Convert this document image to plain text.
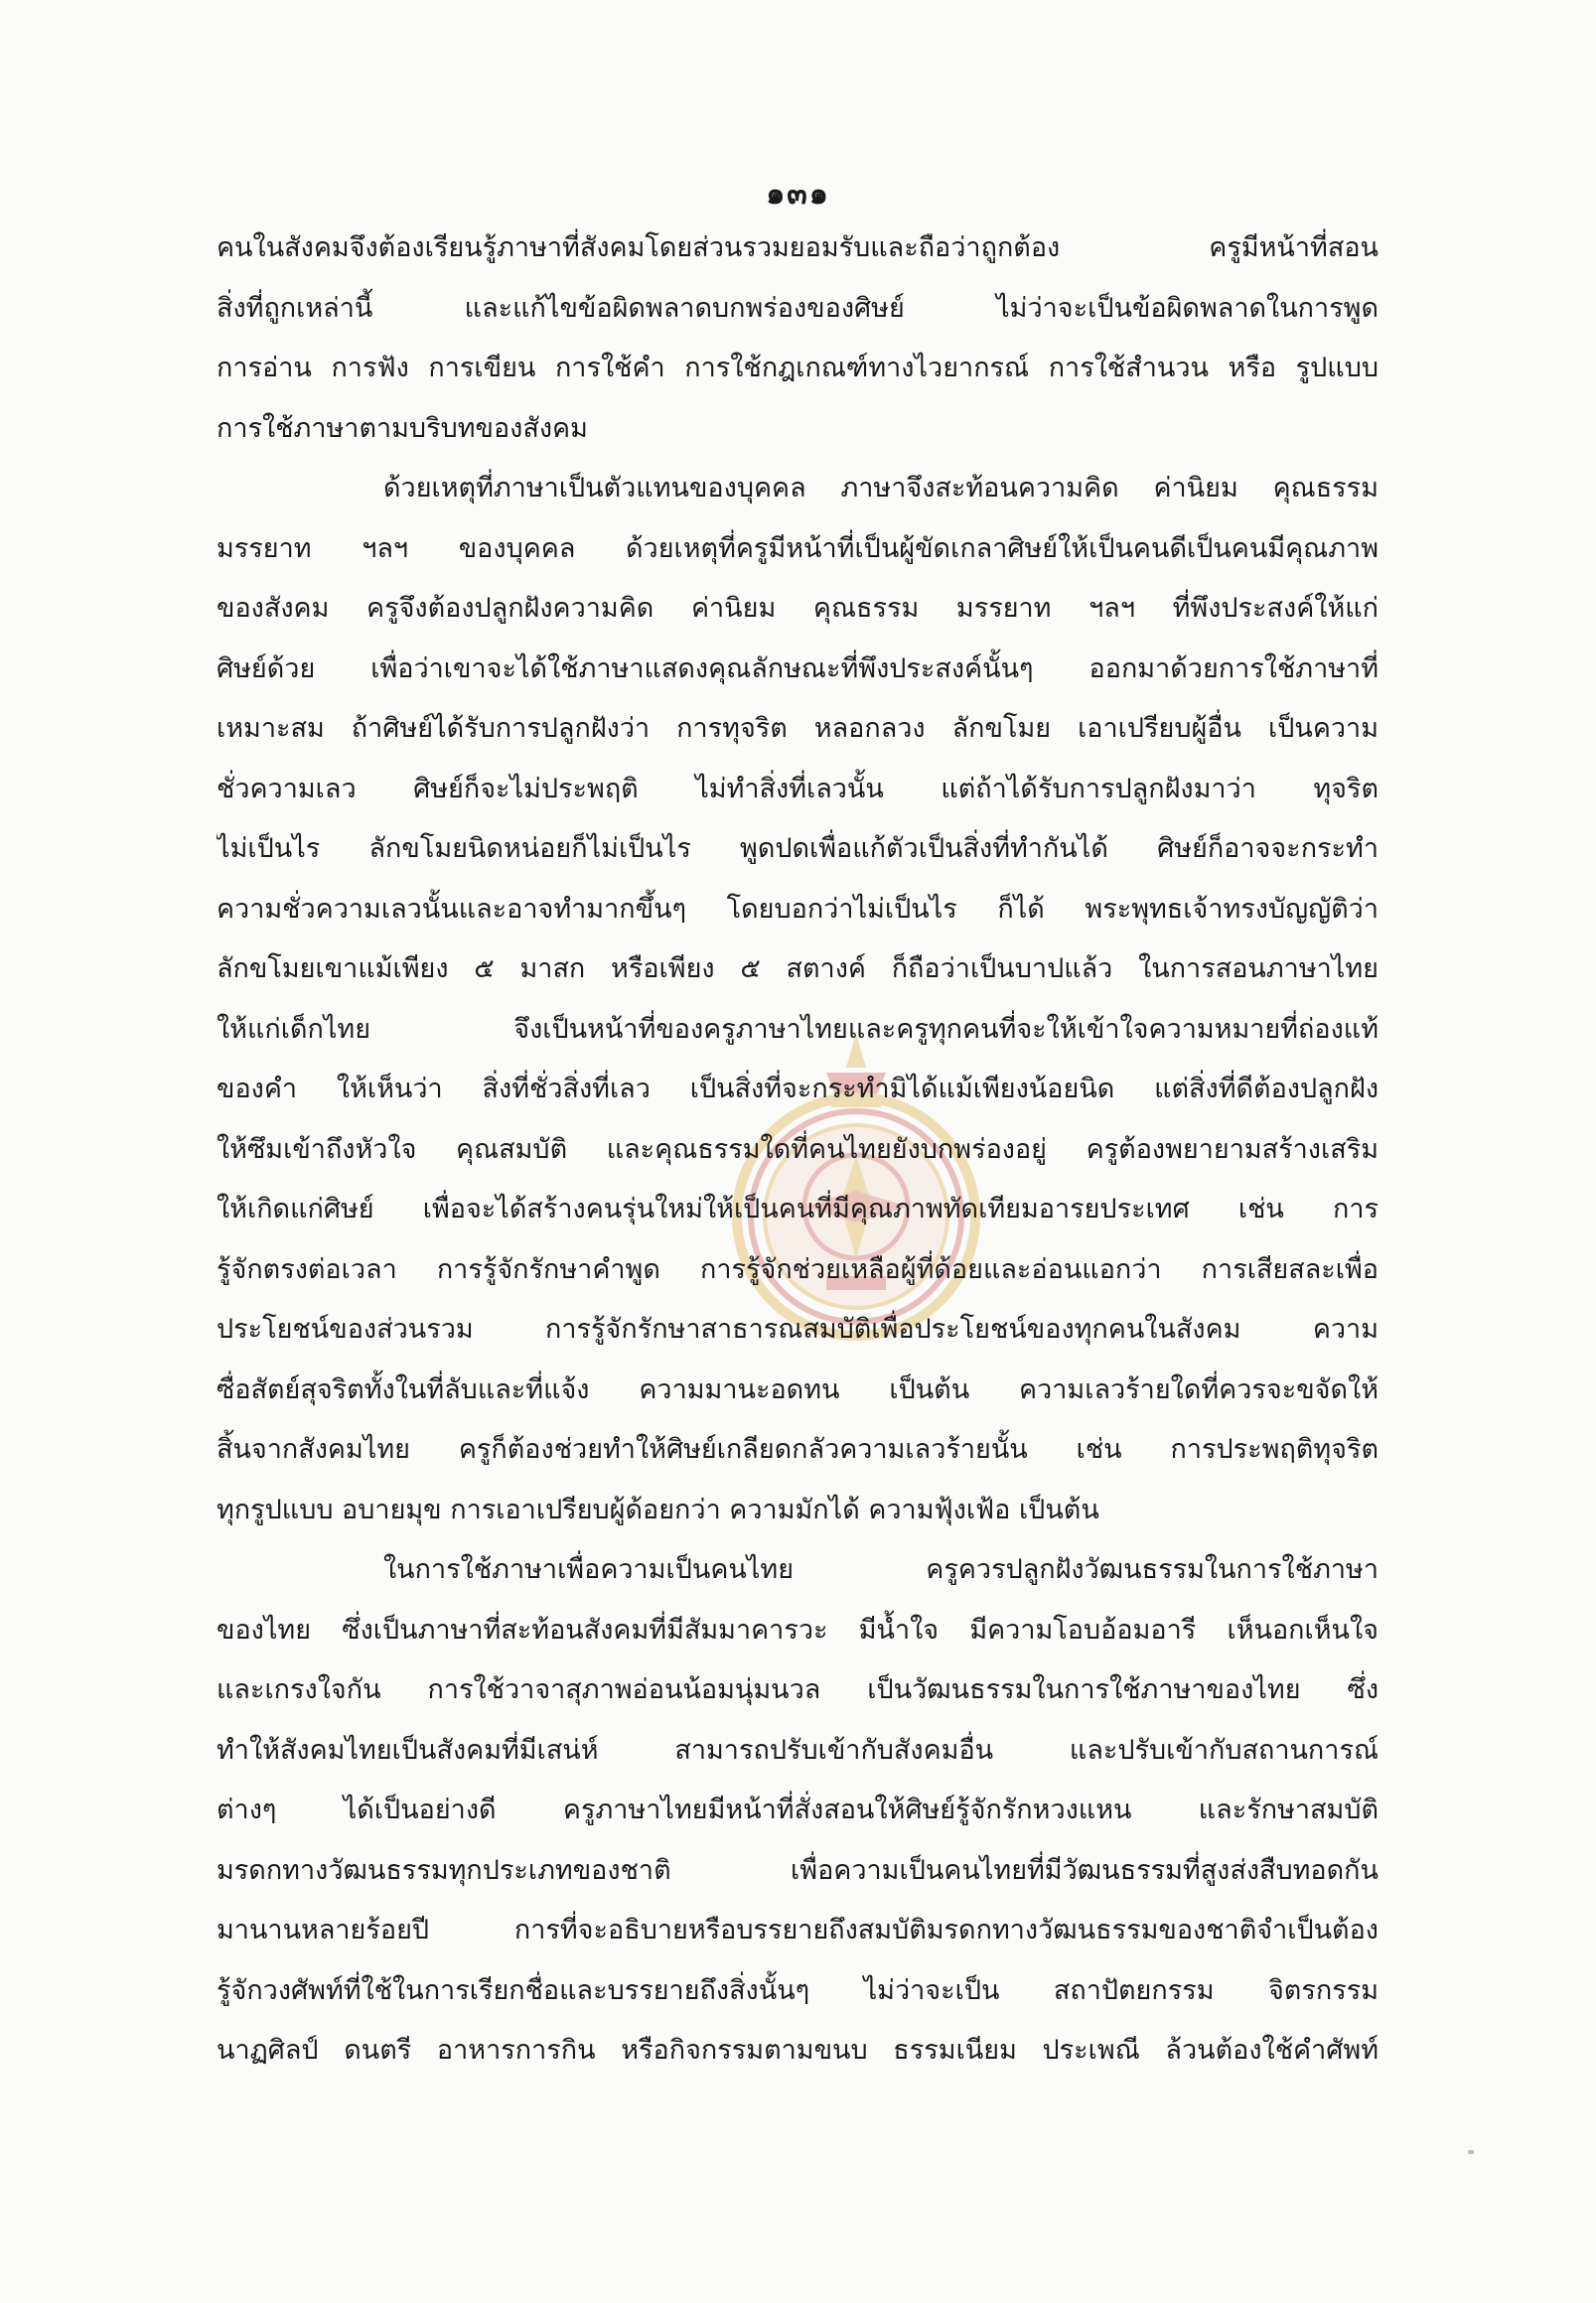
๑๓๑
คนในสังคมจึงต้องเรียนรู้ภาษาที่สังคมโดยส่วนรวมยอมรับและถือว่าถูกต้อง ครูมีหน้าที่สอน
สิ่งที่ถูกเหล่านี้ และแก้ไขข้อผิดพลาดบกพร่องของศิษย์ ไม่ว่าจะเป็นข้อผิดพลาดในการพูด
การอ่าน การฟัง การเขียน การใช้คำ การใช้กฎเกณฑ์ทางไวยากรณ์ การใช้สำนวน หรือ รูปแบบ
การใช้ภาษาตามบริบทของสังคม
ด้วยเหตุที่ภาษาเป็นตัวแทนของบุคคล ภาษาจึงสะท้อนความคิด ค่านิยม คุณธรรม
มรรยาท ฯลฯ ของบุคคล ด้วยเหตุที่ครูมีหน้าที่เป็นผู้ขัดเกลาศิษย์ให้เป็นคนดีเป็นคนมีคุณภาพ
ของสังคม ครูจึงต้องปลูกฝังความคิด ค่านิยม คุณธรรม มรรยาท ฯลฯ ที่พึงประสงค์ให้แก่
ศิษย์ด้วย เพื่อว่าเขาจะได้ใช้ภาษาแสดงคุณลักษณะที่พึงประสงค์นั้นๆ ออกมาด้วยการใช้ภาษาที่
เหมาะสม ถ้าศิษย์ได้รับการปลูกฝังว่า การทุจริต หลอกลวง ลักขโมย เอาเปรียบผู้อื่น เป็นความ
ชั่วความเลว ศิษย์ก็จะไม่ประพฤติ ไม่ทำสิ่งที่เลวนั้น แต่ถ้าได้รับการปลูกฝังมาว่า ทุจริต
ไม่เป็นไร ลักขโมยนิดหน่อยก็ไม่เป็นไร พูดปดเพื่อแก้ตัวเป็นสิ่งที่ทำกันได้ ศิษย์ก็อาจจะกระทำ
ความชั่วความเลวนั้นและอาจทำมากขึ้นๆ โดยบอกว่าไม่เป็นไร ก็ได้ พระพุทธเจ้าทรงบัญญัติว่า
ลักขโมยเขาแม้เพียง ๕ มาสก หรือเพียง ๕ สตางค์ ก็ถือว่าเป็นบาปแล้ว ในการสอนภาษาไทย
ให้แก่เด็กไทย จึงเป็นหน้าที่ของครูภาษาไทยและครูทุกคนที่จะให้เข้าใจความหมายที่ถ่องแท้
ของคำ ให้เห็นว่า สิ่งที่ชั่วสิ่งที่เลว เป็นสิ่งที่จะกระทำมิได้แม้เพียงน้อยนิด แต่สิ่งที่ดีต้องปลูกฝัง
ให้ซึมเข้าถึงหัวใจ คุณสมบัติ และคุณธรรมใดที่คนไทยยังบกพร่องอยู่ ครูต้องพยายามสร้างเสริม
ให้เกิดแก่ศิษย์ เพื่อจะได้สร้างคนรุ่นใหม่ให้เป็นคนที่มีคุณภาพทัดเทียมอารยประเทศ เช่น การ
รู้จักตรงต่อเวลา การรู้จักรักษาคำพูด การรู้จักช่วยเหลือผู้ที่ด้อยและอ่อนแอกว่า การเสียสละเพื่อ
ประโยชน์ของส่วนรวม การรู้จักรักษาสาธารณสมบัติเพื่อประโยชน์ของทุกคนในสังคม ความ
ซื่อสัตย์สุจริตทั้งในที่ลับและที่แจ้ง ความมานะอดทน เป็นต้น ความเลวร้ายใดที่ควรจะขจัดให้
สิ้นจากสังคมไทย ครูก็ต้องช่วยทำให้ศิษย์เกลียดกลัวความเลวร้ายนั้น เช่น การประพฤติทุจริต
ทุกรูปแบบ อบายมุข การเอาเปรียบผู้ด้อยกว่า ความมักได้ ความฟุ้งเฟ้อ เป็นต้น
ในการใช้ภาษาเพื่อความเป็นคนไทย ครูควรปลูกฝังวัฒนธรรมในการใช้ภาษา
ของไทย ซึ่งเป็นภาษาที่สะท้อนสังคมที่มีสัมมาคารวะ มีน้ำใจ มีความโอบอ้อมอารี เห็นอกเห็นใจ
และเกรงใจกัน การใช้วาจาสุภาพอ่อนน้อมนุ่มนวล เป็นวัฒนธรรมในการใช้ภาษาของไทย ซึ่ง
ทำให้สังคมไทยเป็นสังคมที่มีเสน่ห์ สามารถปรับเข้ากับสังคมอื่น และปรับเข้ากับสถานการณ์
ต่างๆ ได้เป็นอย่างดี ครูภาษาไทยมีหน้าที่สั่งสอนให้ศิษย์รู้จักรักหวงแหน และรักษาสมบัติ
มรดกทางวัฒนธรรมทุกประเภทของชาติ เพื่อความเป็นคนไทยที่มีวัฒนธรรมที่สูงส่งสืบทอดกัน
มานานหลายร้อยปี การที่จะอธิบายหรือบรรยายถึงสมบัติมรดกทางวัฒนธรรมของชาติจำเป็นต้อง
รู้จักวงศัพท์ที่ใช้ในการเรียกชื่อและบรรยายถึงสิ่งนั้นๆ ไม่ว่าจะเป็น สถาปัตยกรรม จิตรกรรม
นาฏศิลป์ ดนตรี อาหารการกิน หรือกิจกรรมตามขนบ ธรรมเนียม ประเพณี ล้วนต้องใช้คำศัพท์
